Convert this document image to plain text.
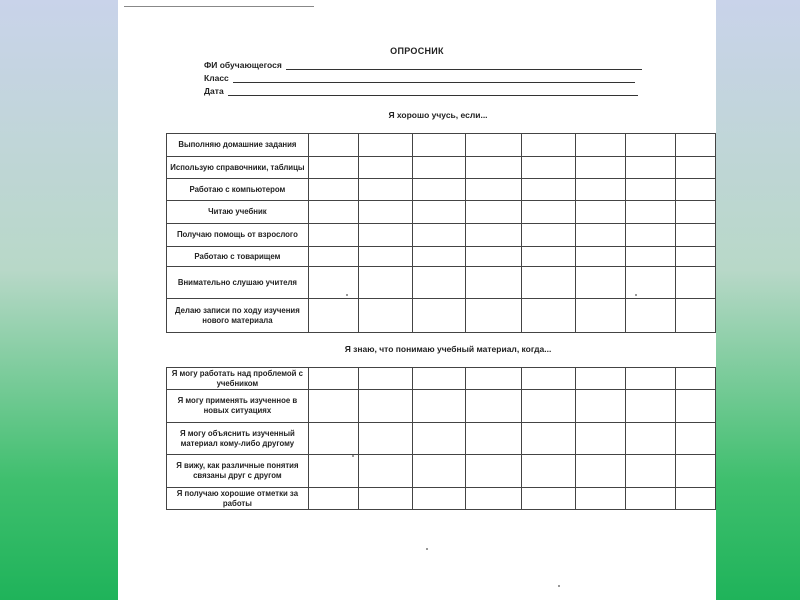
ОПРОСНИК
ФИ обучающегося
Класс
Дата
Я хорошо учусь, если...
Выполняю домашние задания								
Использую справочники, таблицы								
Работаю с компьютером								
Читаю учебник								
Получаю помощь от взрослого								
Работаю с товарищем								
Внимательно слушаю учителя								
Делаю записи по ходу изучения нового материала								
Я знаю, что понимаю учебный материал, когда...
Я могу работать над проблемой с учебником								
Я могу применять изученное в новых ситуациях								
Я могу объяснить изученный материал кому-либо другому								
Я вижу, как различные понятия связаны друг с другом								
Я получаю хорошие отметки за работы								
